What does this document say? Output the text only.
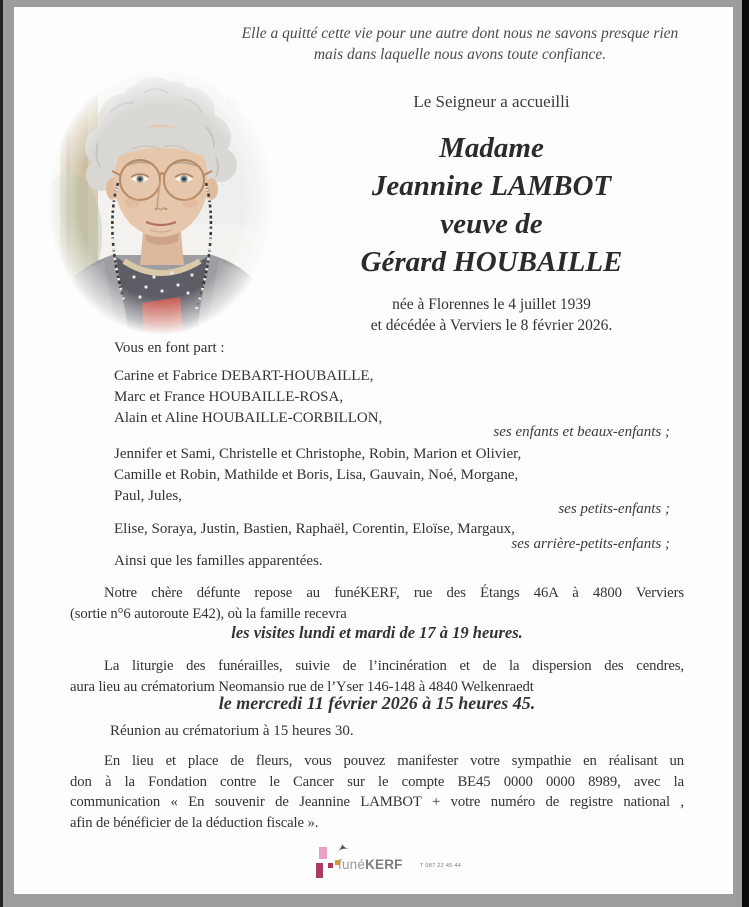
Elle a quitté cette vie pour une autre dont nous ne savons presque rien
mais dans laquelle nous avons toute confiance.
Le Seigneur a accueilli
Madame
Jeannine LAMBOT
veuve de
Gérard HOUBAILLE
née à Florennes le 4 juillet 1939
et décédée à Verviers le 8 février 2026.
Vous en font part :
Carine et Fabrice DEBART-HOUBAILLE,
Marc et France HOUBAILLE-ROSA,
Alain et Aline HOUBAILLE-CORBILLON,
ses enfants et beaux-enfants ;
Jennifer et Sami, Christelle et Christophe, Robin, Marion et Olivier,
Camille et Robin, Mathilde et Boris, Lisa, Gauvain, Noé, Morgane,
Paul, Jules,
ses petits-enfants ;
Elise, Soraya, Justin, Bastien, Raphaël, Corentin, Eloïse, Margaux,
ses arrière-petits-enfants ;
Ainsi que les familles apparentées.
Notre chère défunte repose au funéKERF, rue des Étangs 46A à 4800 Verviers
(sortie n°6 autoroute E42), où la famille recevra
les visites lundi et mardi de 17 à 19 heures.
La liturgie des funérailles, suivie de l’incinération et de la dispersion des cendres,
aura lieu au crématorium Neomansio rue de l’Yser 146-148 à 4840 Welkenraedt
le mercredi 11 février 2026 à 15 heures 45.
Réunion au crématorium à 15 heures 30.
En lieu et place de fleurs, vous pouvez manifester votre sympathie en réalisant un
don à la Fondation contre le Cancer sur le compte BE45 0000 0000 8989, avec la
communication « En souvenir de Jeannine LAMBOT + votre numéro de registre national ,
afin de bénéficier de la déduction fiscale ».
funéKERF	T 087 22 45 44
